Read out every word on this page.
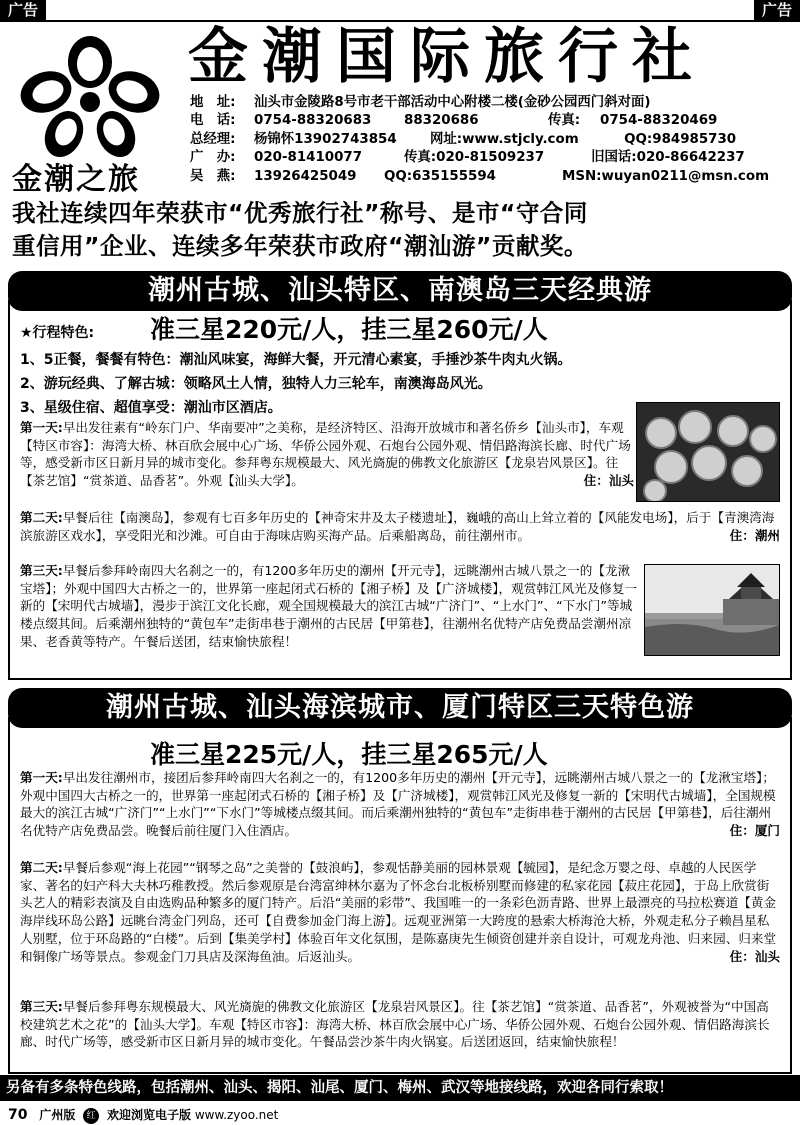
广告	广告
金潮之旅
金潮国际旅行社
地　址:	汕头市金陵路8号市老干部活动中心附楼二楼(金砂公园西门斜对面)
电　话:	0754-88320683	88320686	传真:	0754-88320469
总经理:	杨锦怀13902743854	网址: www.stjcly.com	QQ: 984985730
广　办:	020-81410077	传真: 020-81509237	旧国话: 020-86642237
吴　燕:	13926425049	QQ:635155594	MSN:wuyan0211@msn.com
我社连续四年荣获市“优秀旅行社”称号、是市“守合同
重信用”企业、连续多年荣获市政府“潮汕游”贡献奖。
潮州古城、汕头特区、南澳岛三天经典游
★行程特色: 准三星220元/人，挂三星260元/人
1、5正餐，餐餐有特色：潮汕风味宴，海鲜大餐，开元清心素宴，手捶沙茶牛肉丸火锅。
2、游玩经典、了解古城：领略风土人情，独特人力三轮车，南澳海岛风光。
3、星级住宿、超值享受：潮汕市区酒店。
第一天:早出发往素有“岭东门户、华南要冲”之美称，是经济特区、沿海开放城市和著名侨乡【汕头市】，车观【特区市容】：海湾大桥、林百欣会展中心广场、华侨公园外观、石炮台公园外观、情侣路海滨长廊、时代广场等，感受新市区日新月异的城市变化。参拜粤东规模最大、风光旖旎的佛教文化旅游区【龙泉岩风景区】。往【茶艺馆】“赏茶道、品香茗”。外观【汕头大学】。	住：汕头
第二天:早餐后往【南澳岛】，参观有七百多年历史的【神奇宋井及太子楼遗址】，巍峨的高山上耸立着的【风能发电场】，后于【青澳湾海滨旅游区戏水】，享受阳光和沙滩。可自由于海味店购买海产品。后乘船离岛，前往潮州市。	住：潮州
第三天:早餐后参拜岭南四大名刹之一的，有1200多年历史的潮州【开元寺】，远眺潮州古城八景之一的【龙湫宝塔】；外观中国四大古桥之一的，世界第一座起闭式石桥的【湘子桥】及【广济城楼】，观赏韩江风光及修复一新的【宋明代古城墙】，漫步于滨江文化长廊，观全国规模最大的滨江古城“广济门”、“上水门”、“下水门”等城楼点缀其间。后乘潮州独特的“黄包车”走街串巷于潮州的古民居【甲第巷】，往潮州名优特产店免费品尝潮州凉果、老香黄等特产。午餐后送团，结束愉快旅程！
潮州古城、汕头海滨城市、厦门特区三天特色游
准三星225元/人，挂三星265元/人
第一天:早出发往潮州市，接团后参拜岭南四大名刹之一的，有1200多年历史的潮州【开元寺】，远眺潮州古城八景之一的【龙湫宝塔】；外观中国四大古桥之一的，世界第一座起闭式石桥的【湘子桥】及【广济城楼】，观赏韩江风光及修复一新的【宋明代古城墙】，全国规模最大的滨江古城“广济门”“上水门”“下水门”等城楼点缀其间。而后乘潮州独特的“黄包车”走街串巷于潮州的古民居【甲第巷】，后往潮州名优特产店免费品尝。晚餐后前往厦门入住酒店。	住：厦门
第二天:早餐后参观“海上花园”“钢琴之岛”之美誉的【鼓浪屿】，参观恬静美丽的园林景观【毓园】，是纪念万婴之母、卓越的人民医学家、著名的妇产科大夫林巧稚教授。然后参观原是台湾富绅林尔嘉为了怀念台北板桥别墅而修建的私家花园【菽庄花园】，于岛上欣赏街头艺人的精彩表演及自由选购品种繁多的厦门特产。后沿“美丽的彩带”、我国唯一的一条彩色沥青路、世界上最漂亮的马拉松赛道【黄金海岸线环岛公路】远眺台湾金门列岛，还可【自费参加金门海上游】。远观亚洲第一大跨度的悬索大桥海沧大桥，外观走私分子赖昌星私人别墅，位于环岛路的“白楼”。后到【集美学村】体验百年文化氛围，是陈嘉庚先生倾资创建并亲自设计，可观龙舟池、归来园、归来堂和铜像广场等景点。参观金门刀具店及深海鱼油。后返汕头。	住：汕头
第三天:早餐后参拜粤东规模最大、风光旖旎的佛教文化旅游区【龙泉岩风景区】。往【茶艺馆】“赏茶道、品香茗”，外观被誉为“中国高校建筑艺术之花”的【汕头大学】。车观【特区市容】：海湾大桥、林百欣会展中心广场、华侨公园外观、石炮台公园外观、情侣路海滨长廊、时代广场等，感受新市区日新月异的城市变化。午餐品尝沙茶牛肉火锅宴。后送团返回，结束愉快旅程！
另备有多条特色线路，包括潮州、汕头、揭阳、汕尾、厦门、梅州、武汉等地接线路，欢迎各同行索取！
70 广州版 红 欢迎浏览电子版 www.zyoo.net
